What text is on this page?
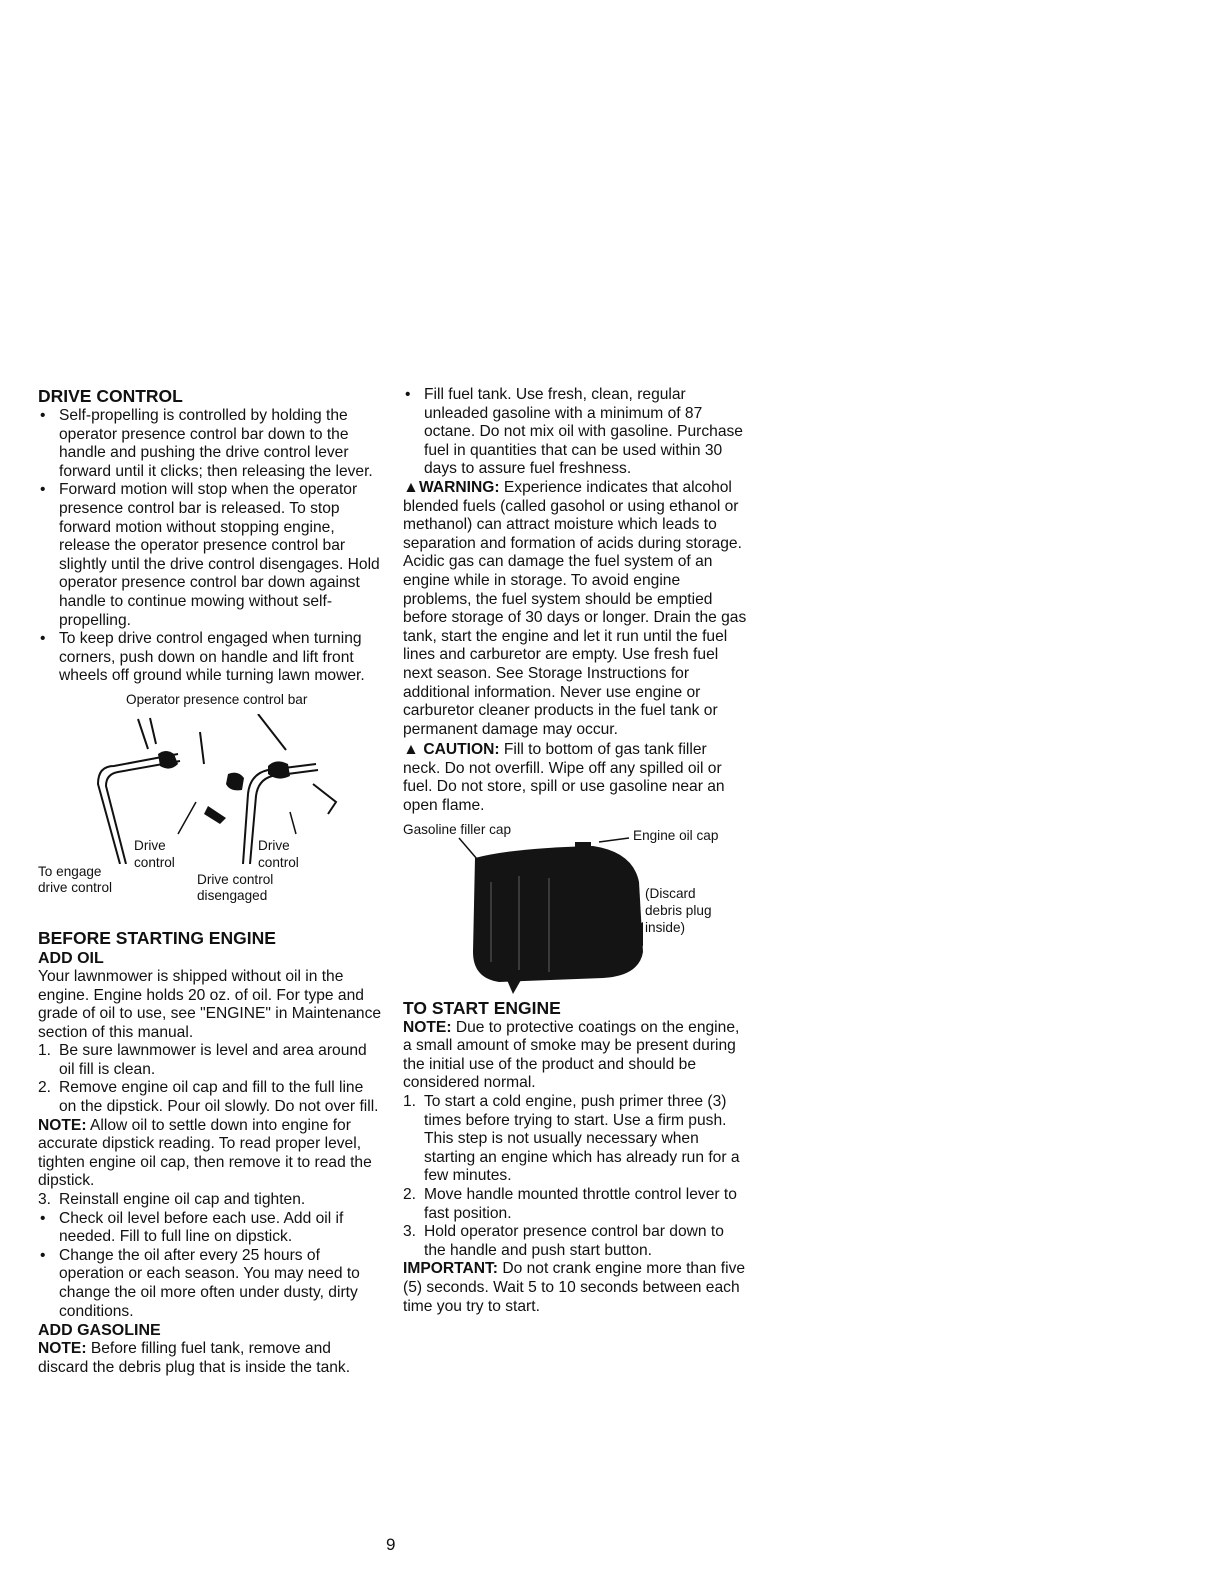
DRIVE CONTROL
• Self-propelling is controlled by holding the operator presence control bar down to the handle and pushing the drive control lever forward until it clicks; then releasing the lever.
• Forward motion will stop when the operator presence control bar is released. To stop forward motion without stopping engine, release the operator presence control bar slightly until the drive control disengages. Hold operator presence control bar down against handle to continue mowing without self-propelling.
• To keep drive control engaged when turning corners, push down on handle and lift front wheels off ground while turning lawn mower.
Operator presence control bar
Drive
control
Drive
control
To engage
drive control
Drive control
disengaged
BEFORE STARTING ENGINE
ADD OIL

Your lawnmower is shipped without oil in the engine. Engine holds 20 oz. of oil. For type and grade of oil to use, see "ENGINE" in Maintenance section of this manual.

1. Be sure lawnmower is level and area around oil fill is clean.
2. Remove engine oil cap and fill to the full line on the dipstick. Pour oil slowly. Do not over fill.

NOTE: Allow oil to settle down into engine for accurate dipstick reading. To read proper level, tighten engine oil cap, then remove it to read the dipstick.

3. Reinstall engine oil cap and tighten.
• Check oil level before each use. Add oil if needed. Fill to full line on dipstick.
• Change the oil after every 25 hours of operation or each season. You may need to change the oil more often under dusty, dirty conditions.
ADD GASOLINE

NOTE: Before filling fuel tank, remove and discard the debris plug that is inside the tank.

• Fill fuel tank. Use fresh, clean, regular unleaded gasoline with a minimum of 87 octane. Do not mix oil with gasoline. Purchase fuel in quantities that can be used within 30 days to assure fuel freshness.

▲WARNING: Experience indicates that alcohol blended fuels (called gasohol or using ethanol or methanol) can attract moisture which leads to separation and formation of acids during storage. Acidic gas can damage the fuel system of an engine while in storage. To avoid engine problems, the fuel system should be emptied before storage of 30 days or longer. Drain the gas tank, start the engine and let it run until the fuel lines and carburetor are empty. Use fresh fuel next season. See Storage Instructions for additional information. Never use engine or carburetor cleaner products in the fuel tank or permanent damage may occur.

▲ CAUTION: Fill to bottom of gas tank filler neck. Do not overfill. Wipe off any spilled oil or fuel. Do not store, spill or use gasoline near an open flame.

Gasoline filler cap	Engine oil cap
(Discard
debris plug
inside)
TO START ENGINE

NOTE: Due to protective coatings on the engine, a small amount of smoke may be present during the initial use of the product and should be considered normal.

1. To start a cold engine, push primer three (3) times before trying to start. Use a firm push. This step is not usually necessary when starting an engine which has already run for a few minutes.
2. Move handle mounted throttle control lever to fast position.
3. Hold operator presence control bar down to the handle and push start button.

IMPORTANT: Do not crank engine more than five (5) seconds. Wait 5 to 10 seconds between each time you try to start.

9
